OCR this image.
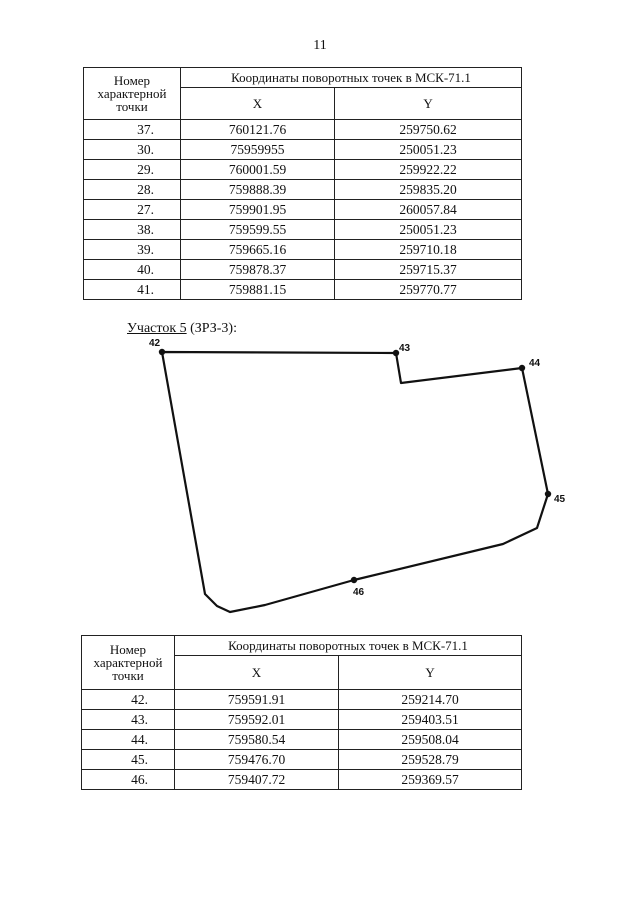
11
Номер характерной точки	Координаты поворотных точек в МСК-71.1	
	X	Y
37.	760121.76	259750.62
30.	75959955	250051.23
29.	760001.59	259922.22
28.	759888.39	259835.20
27.	759901.95	260057.84
38.	759599.55	250051.23
39.	759665.16	259710.18
40.	759878.37	259715.37
41.	759881.15	259770.77
Участок 5 (ЗРЗ-3):
42	43
44
45
46
Номер характерной точки	Координаты поворотных точек в МСК-71.1	
	X	Y
42.	759591.91	259214.70
43.	759592.01	259403.51
44.	759580.54	259508.04
45.	759476.70	259528.79
46.	759407.72	259369.57
